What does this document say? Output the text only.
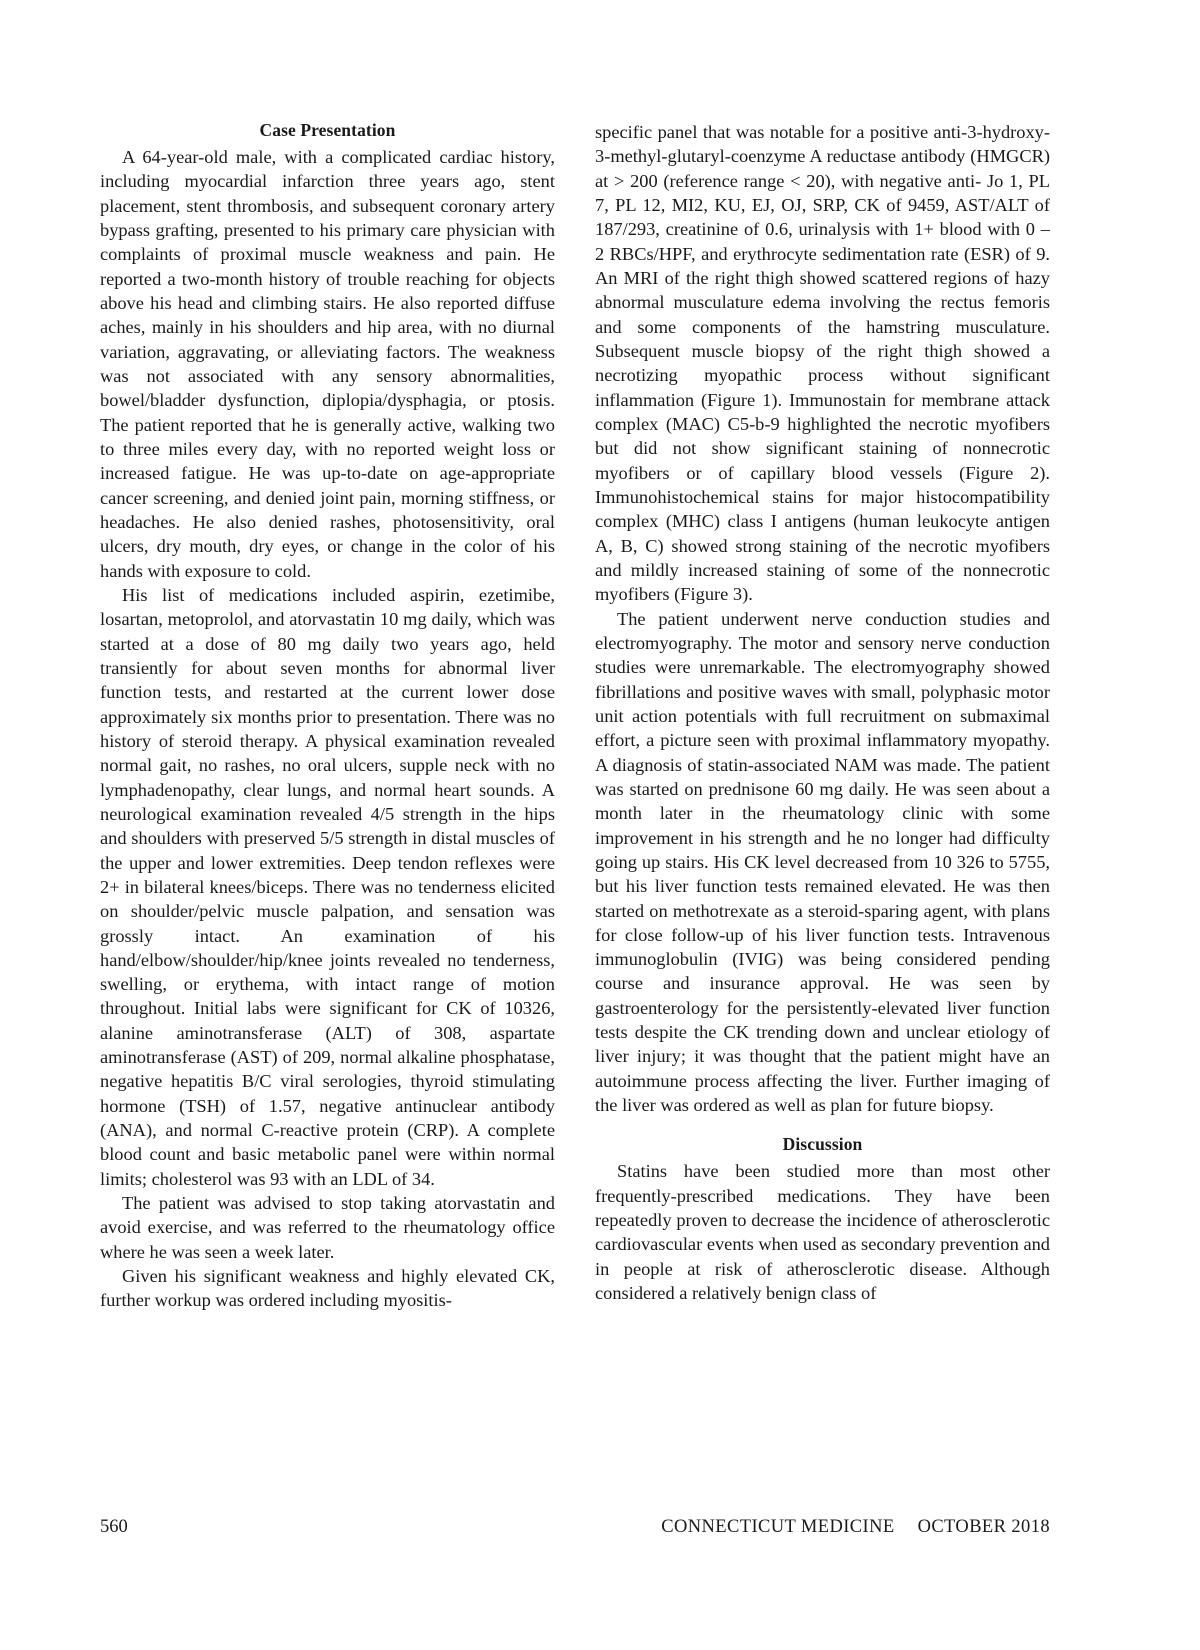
Case Presentation

A 64-year-old male, with a complicated cardiac history, including myocardial infarction three years ago, stent placement, stent thrombosis, and subsequent coronary artery bypass grafting, presented to his primary care physician with complaints of proximal muscle weakness and pain. He reported a two-month history of trouble reaching for objects above his head and climbing stairs. He also reported diffuse aches, mainly in his shoulders and hip area, with no diurnal variation, aggravating, or alleviating factors. The weakness was not associated with any sensory abnormalities, bowel/bladder dysfunction, diplopia/dysphagia, or ptosis. The patient reported that he is generally active, walking two to three miles every day, with no reported weight loss or increased fatigue. He was up-to-date on age-appropriate cancer screening, and denied joint pain, morning stiffness, or headaches. He also denied rashes, photosensitivity, oral ulcers, dry mouth, dry eyes, or change in the color of his hands with exposure to cold.

His list of medications included aspirin, ezetimibe, losartan, metoprolol, and atorvastatin 10 mg daily, which was started at a dose of 80 mg daily two years ago, held transiently for about seven months for abnormal liver function tests, and restarted at the current lower dose approximately six months prior to presentation. There was no history of steroid therapy. A physical examination revealed normal gait, no rashes, no oral ulcers, supple neck with no lymphadenopathy, clear lungs, and normal heart sounds. A neurological examination revealed 4/5 strength in the hips and shoulders with preserved 5/5 strength in distal muscles of the upper and lower extremities. Deep tendon reflexes were 2+ in bilateral knees/biceps. There was no tenderness elicited on shoulder/pelvic muscle palpation, and sensation was grossly intact. An examination of his hand/elbow/shoulder/hip/knee joints revealed no tenderness, swelling, or erythema, with intact range of motion throughout. Initial labs were significant for CK of 10326, alanine aminotransferase (ALT) of 308, aspartate aminotransferase (AST) of 209, normal alkaline phosphatase, negative hepatitis B/C viral serologies, thyroid stimulating hormone (TSH) of 1.57, negative antinuclear antibody (ANA), and normal C-reactive protein (CRP). A complete blood count and basic metabolic panel were within normal limits; cholesterol was 93 with an LDL of 34.

The patient was advised to stop taking atorvastatin and avoid exercise, and was referred to the rheumatology office where he was seen a week later.

Given his significant weakness and highly elevated CK, further workup was ordered including myositis-

specific panel that was notable for a positive anti-3-hydroxy-3-methyl-glutaryl-coenzyme A reductase antibody (HMGCR) at > 200 (reference range < 20), with negative anti- Jo 1, PL 7, PL 12, MI2, KU, EJ, OJ, SRP, CK of 9459, AST/ALT of 187/293, creatinine of 0.6, urinalysis with 1+ blood with 0 – 2 RBCs/HPF, and erythrocyte sedimentation rate (ESR) of 9. An MRI of the right thigh showed scattered regions of hazy abnormal musculature edema involving the rectus femoris and some components of the hamstring musculature. Subsequent muscle biopsy of the right thigh showed a necrotizing myopathic process without significant inflammation (Figure 1). Immunostain for membrane attack complex (MAC) C5-b-9 highlighted the necrotic myofibers but did not show significant staining of nonnecrotic myofibers or of capillary blood vessels (Figure 2). Immunohistochemical stains for major histocompatibility complex (MHC) class I antigens (human leukocyte antigen A, B, C) showed strong staining of the necrotic myofibers and mildly increased staining of some of the nonnecrotic myofibers (Figure 3).

The patient underwent nerve conduction studies and electromyography. The motor and sensory nerve conduction studies were unremarkable. The electromyography showed fibrillations and positive waves with small, polyphasic motor unit action potentials with full recruitment on submaximal effort, a picture seen with proximal inflammatory myopathy. A diagnosis of statin-associated NAM was made. The patient was started on prednisone 60 mg daily. He was seen about a month later in the rheumatology clinic with some improvement in his strength and he no longer had difficulty going up stairs. His CK level decreased from 10 326 to 5755, but his liver function tests remained elevated. He was then started on methotrexate as a steroid-sparing agent, with plans for close follow-up of his liver function tests. Intravenous immunoglobulin (IVIG) was being considered pending course and insurance approval. He was seen by gastroenterology for the persistently-elevated liver function tests despite the CK trending down and unclear etiology of liver injury; it was thought that the patient might have an autoimmune process affecting the liver. Further imaging of the liver was ordered as well as plan for future biopsy.

Discussion

Statins have been studied more than most other frequently-prescribed medications. They have been repeatedly proven to decrease the incidence of atherosclerotic cardiovascular events when used as secondary prevention and in people at risk of atherosclerotic disease. Although considered a relatively benign class of

560	CONNECTICUT MEDICINE OCTOBER 2018
